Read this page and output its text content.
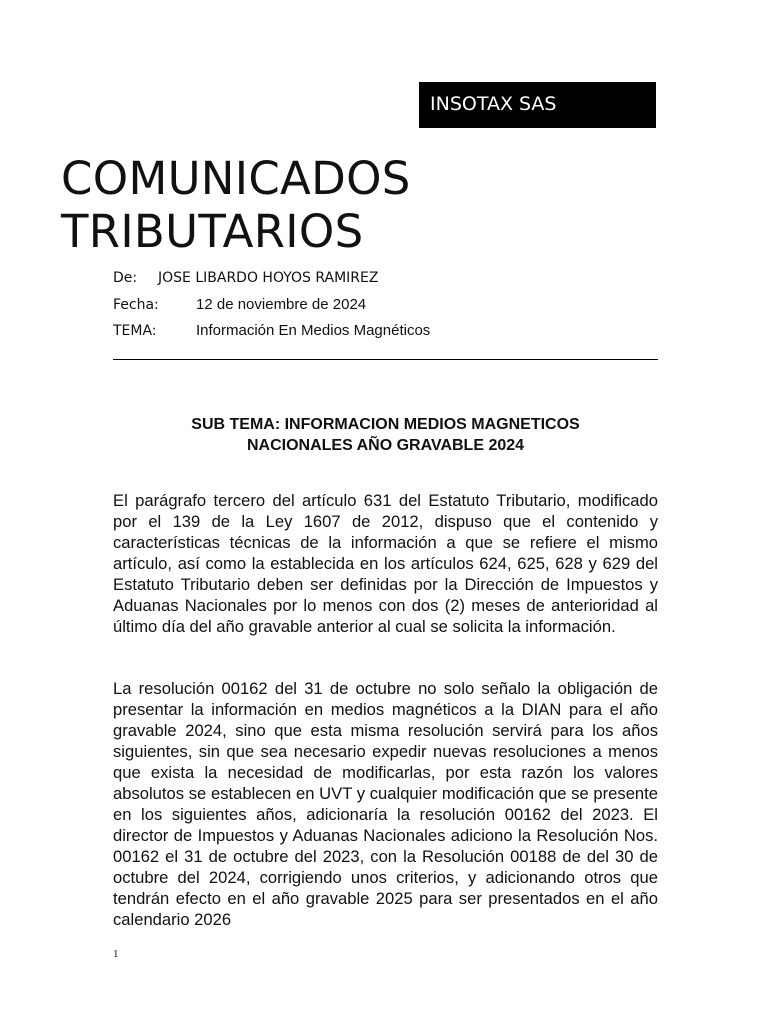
INSOTAX SAS
COMUNICADOS
TRIBUTARIOS
De:	JOSE LIBARDO HOYOS RAMIREZ
Fecha:	12 de noviembre de 2024
TEMA:	Información En Medios Magnéticos
SUB TEMA: INFORMACION MEDIOS MAGNETICOS
NACIONALES AÑO GRAVABLE 2024

El parágrafo tercero del artículo 631 del Estatuto Tributario, modificado por el 139 de la Ley 1607 de 2012, dispuso que el contenido y características técnicas de la información a que se refiere el mismo artículo, así como la establecida en los artículos 624, 625, 628 y 629 del Estatuto Tributario deben ser definidas por la Dirección de Impuestos y Aduanas Nacionales por lo menos con dos (2) meses de anterioridad al último día del año gravable anterior al cual se solicita la información.

La resolución 00162 del 31 de octubre no solo señalo la obligación de presentar la información en medios magnéticos a la DIAN para el año gravable 2024, sino que esta misma resolución servirá para los años siguientes, sin que sea necesario expedir nuevas resoluciones a menos que exista la necesidad de modificarlas, por esta razón los valores absolutos se establecen en UVT y cualquier modificación que se presente en los siguientes años, adicionaría la resolución 00162 del 2023. El director de Impuestos y Aduanas Nacionales adiciono la Resolución Nos. 00162 el 31 de octubre del 2023, con la Resolución 00188 de del 30 de octubre del 2024, corrigiendo unos criterios, y adicionando otros que tendrán efecto en el año gravable 2025 para ser presentados en el año calendario 2026

1
